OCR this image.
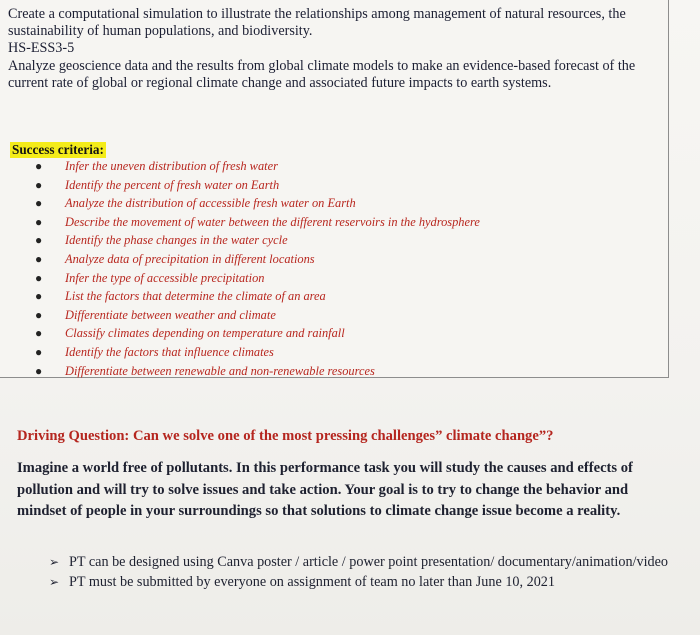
Create a computational simulation to illustrate the relationships among management of natural resources, the sustainability of human populations, and biodiversity.

HS-ESS3-5

Analyze geoscience data and the results from global climate models to make an evidence-based forecast of the current rate of global or regional climate change and associated future impacts to earth systems.

Success criteria:
● Infer the uneven distribution of fresh water
● Identify the percent of fresh water on Earth
● Analyze the distribution of accessible fresh water on Earth
● Describe the movement of water between the different reservoirs in the hydrosphere
● Identify the phase changes in the water cycle
● Analyze data of precipitation in different locations
● Infer the type of accessible precipitation
● List the factors that determine the climate of an area
● Differentiate between weather and climate
● Classify climates depending on temperature and rainfall
● Identify the factors that influence climates
● Differentiate between renewable and non-renewable resources
Driving Question: Can we solve one of the most pressing challenges” climate change”?
Imagine a world free of pollutants. In this performance task you will study the causes and effects of pollution and will try to solve issues and take action. Your goal is to try to change the behavior and mindset of people in your surroundings so that solutions to climate change issue become a reality.
➢ PT can be designed using Canva poster / article / power point presentation/ documentary/animation/video
➢ PT must be submitted by everyone on assignment of team no later than June 10, 2021
